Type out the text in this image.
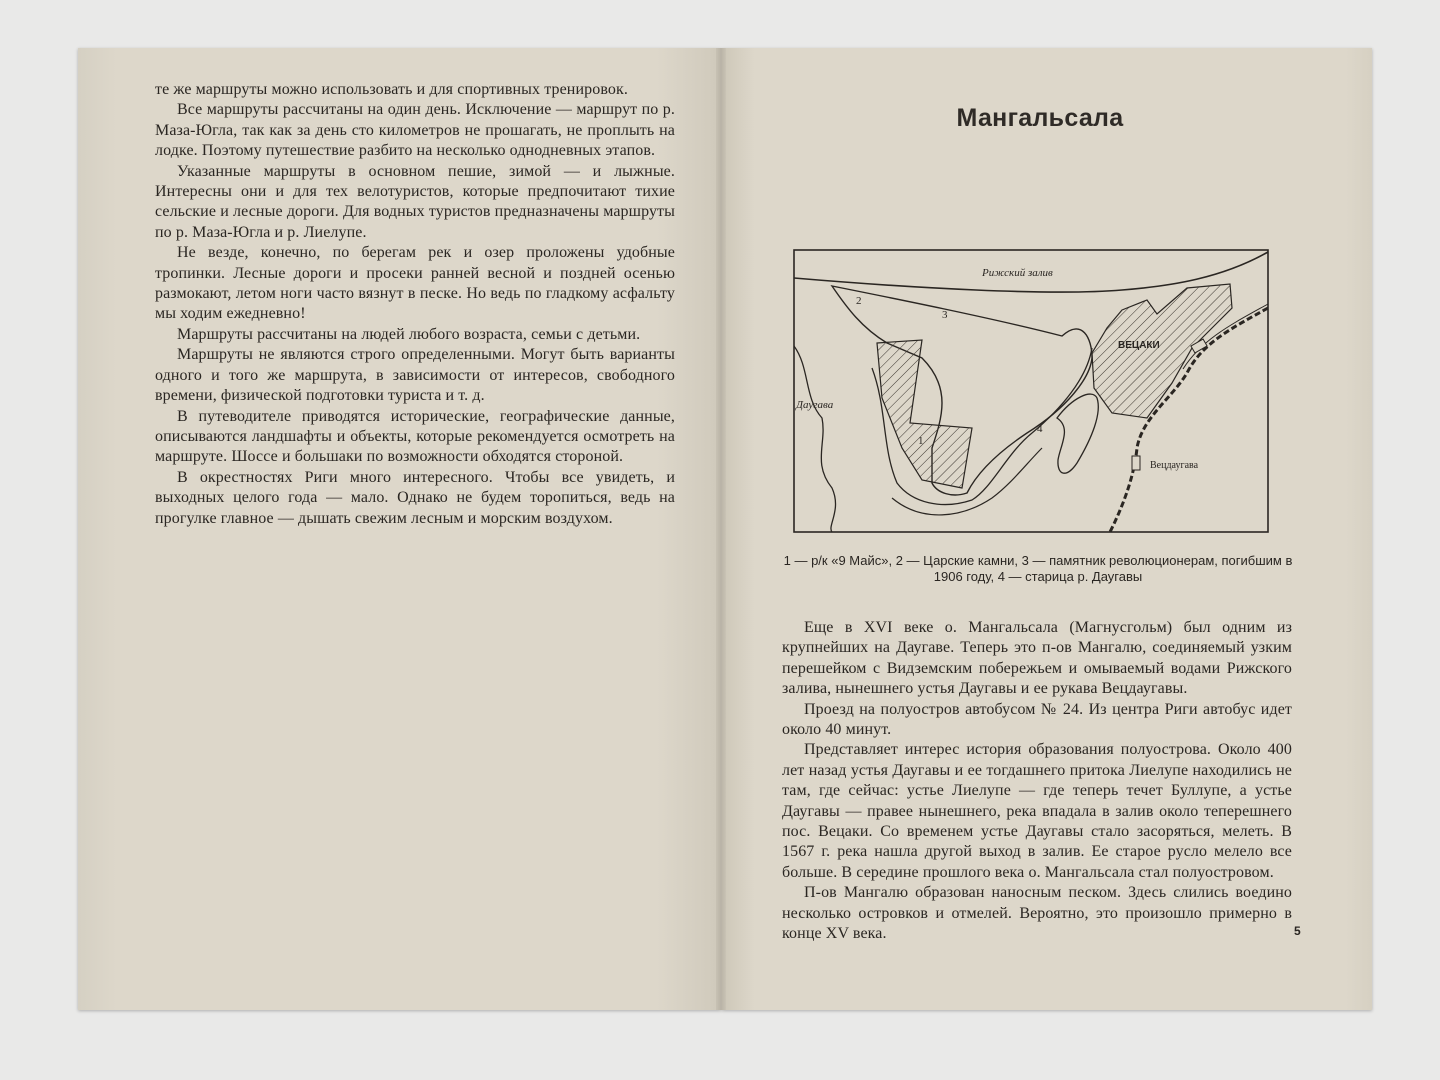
те же маршруты можно использовать и для спортивных тренировок.

Все маршруты рассчитаны на один день. Исключение — маршрут по р. Маза-Югла, так как за день сто километров не прошагать, не проплыть на лодке. Поэтому путешествие разбито на несколько однодневных этапов.

Указанные маршруты в основном пешие, зимой — и лыжные. Интересны они и для тех велотуристов, которые предпочитают тихие сельские и лесные дороги. Для водных туристов предназначены маршруты по р. Маза-Югла и р. Лиелупе.

Не везде, конечно, по берегам рек и озер проложены удобные тропинки. Лесные дороги и просеки ранней весной и поздней осенью размокают, летом ноги часто вязнут в песке. Но ведь по гладкому асфальту мы ходим ежедневно!

Маршруты рассчитаны на людей любого возраста, семьи с детьми.

Маршруты не являются строго определенными. Могут быть варианты одного и того же маршрута, в зависимости от интересов, свободного времени, физической подготовки туриста и т. д.

В путеводителе приводятся исторические, географические данные, описываются ландшафты и объекты, которые рекомендуется осмотреть на маршруте. Шоссе и большаки по возможности обходятся стороной.

В окрестностях Риги много интересного. Чтобы все увидеть, и выходных целого года — мало. Однако не будем торопиться, ведь на прогулке главное — дышать свежим лесным и морским воздухом.

Мангальсала
Рижский залив
Даугава
ВЕЦАКИ
Вецдаугава
1
2
3
4

1 — р/к «9 Майс», 2 — Царские камни, 3 — памятник революционерам, погибшим в 1906 году, 4 — старица р. Даугавы

Еще в XVI веке о. Мангальсала (Магнусгольм) был одним из крупнейших на Даугаве. Теперь это п-ов Мангалю, соединяемый узким перешейком с Видземским побережьем и омываемый водами Рижского залива, нынешнего устья Даугавы и ее рукава Вецдаугавы.

Проезд на полуостров автобусом № 24. Из центра Риги автобус идет около 40 минут.

Представляет интерес история образования полуострова. Около 400 лет назад устья Даугавы и ее тогдашнего притока Лиелупе находились не там, где сейчас: устье Лиелупе — где теперь течет Буллупе, а устье Даугавы — правее нынешнего, река впадала в залив около теперешнего пос. Вецаки. Со временем устье Даугавы стало засоряться, мелеть. В 1567 г. река нашла другой выход в залив. Ее старое русло мелело все больше. В середине прошлого века о. Мангальсала стал полуостровом.

П-ов Мангалю образован наносным песком. Здесь слились воедино несколько островков и отмелей. Вероятно, это произошло примерно в конце XV века.	5
